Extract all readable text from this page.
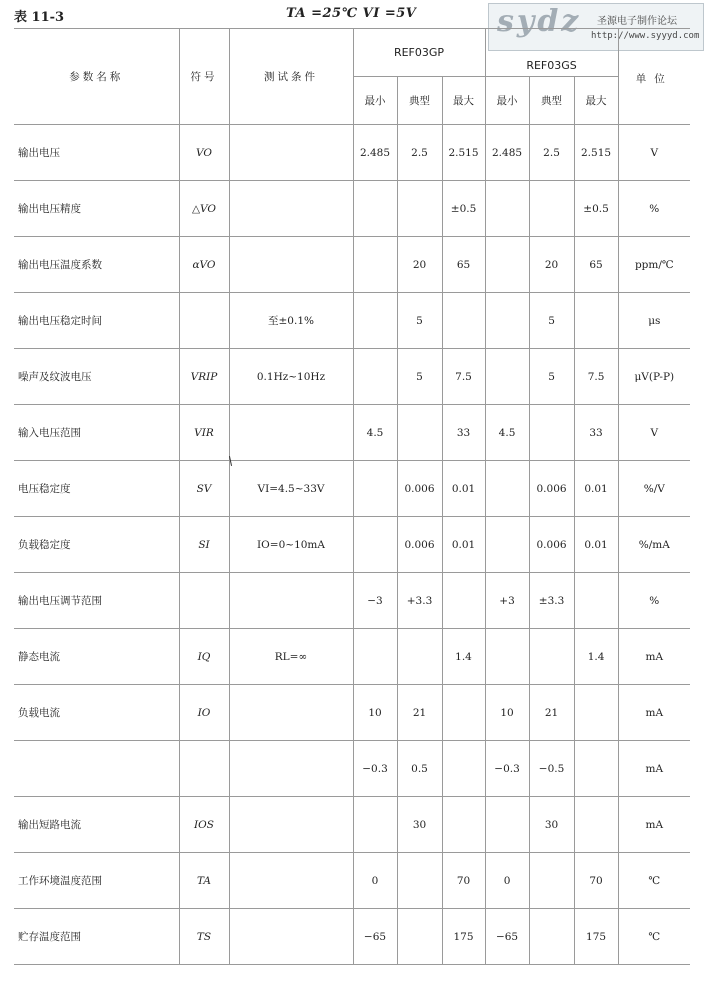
表 11-3	TA =25℃ VI =5V	sydz 圣源电子制作论坛
http://www.syyyd.com
参数名称	符号	测试条件	REF03GP			REF03GS			单位
			最小	典型	最大	最小	典型	最大	
输出电压	VO		2.485	2.5	2.515	2.485	2.5	2.515	V
输出电压精度	△VO				±0.5			±0.5	%
输出电压温度系数	αVO			20	65		20	65	ppm/℃
输出电压稳定时间		至±0.1%		5			5		μs
噪声及纹波电压	VRIP	0.1Hz~10Hz		5	7.5		5	7.5	μV(P-P)
输入电压范围	VIR		4.5		33	4.5		33	V
电压稳定度	SV	VI=4.5~33V		0.006	0.01		0.006	0.01	%/V
负载稳定度	SI	IO=0~10mA		0.006	0.01		0.006	0.01	%/mA
输出电压调节范围			−3	+3.3		+3	±3.3		%
静态电流	IQ	RL=∞			1.4			1.4	mA
负载电流	IO		10	21		10	21		mA
			−0.3	0.5		−0.3	−0.5		mA
输出短路电流	IOS			30			30		mA
工作环境温度范围	TA		0		70	0		70	℃
贮存温度范围	TS		−65		175	−65		175	℃
